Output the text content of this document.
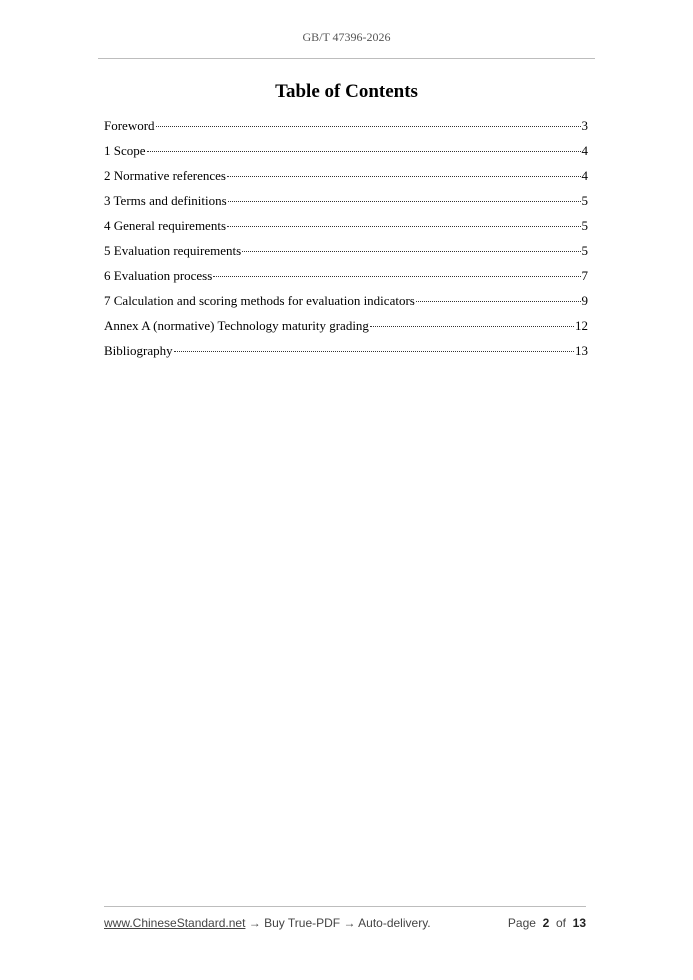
GB/T 47396-2026
Table of Contents
Foreword	3
1 Scope	4
2 Normative references	4
3 Terms and definitions	5
4 General requirements	5
5 Evaluation requirements	5
6 Evaluation process	7
7 Calculation and scoring methods for evaluation indicators	9
Annex A (normative) Technology maturity grading	12
Bibliography	13
www.ChineseStandard.net → Buy True-PDF → Auto-delivery.	Page 2 of 13
